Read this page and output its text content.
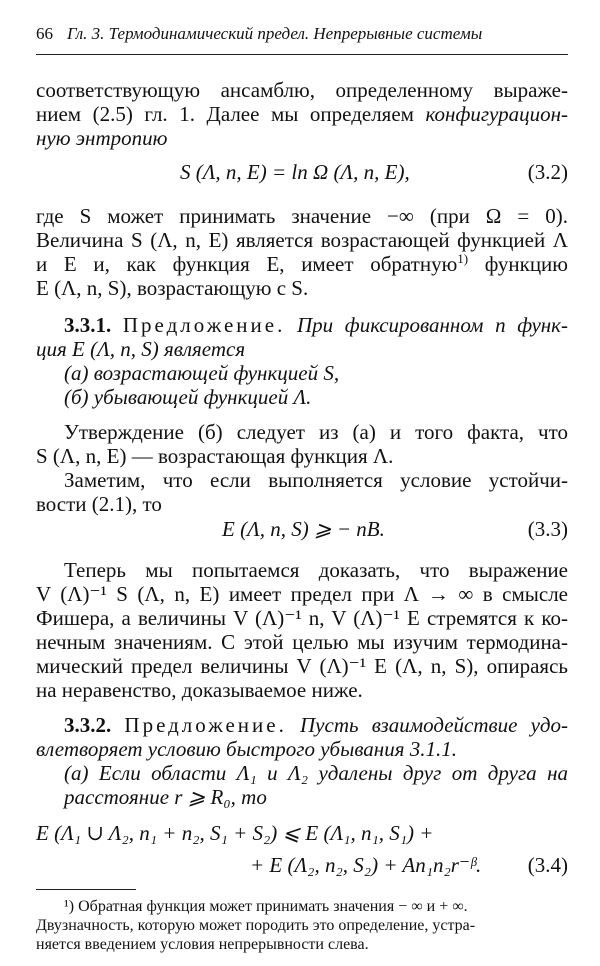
66 Гл. 3. Термодинамический предел. Непрерывные системы
соответствующую ансамблю, определенному выраже-
нием (2.5) гл. 1. Далее мы определяем конфигурацион-
ную энтропию
S (Λ, n, E) = ln Ω (Λ, n, E),	(3.2)
где S может принимать значение −∞ (при Ω = 0).
Величина S (Λ, n, E) является возрастающей функцией Λ
и E и, как функция E, имеет обратную$^{1)}$ функцию
E (Λ, n, S), возрастающую с S.
3.3.1. Предложение. При фиксированном n функ-
ция E (Λ, n, S) является
(a) возрастающей функцией S,
(б) убывающей функцией Λ.
Утверждение (б) следует из (a) и того факта, что
S (Λ, n, E) — возрастающая функция Λ.
Заметим, что если выполняется условие устойчи-
вости (2.1), то
E (Λ, n, S) ⩾ − nB.	(3.3)
Теперь мы попытаемся доказать, что выражение
V (Λ)⁻¹ S (Λ, n, E) имеет предел при Λ → ∞ в смысле
Фишера, а величины V (Λ)⁻¹ n, V (Λ)⁻¹ E стремятся к ко-
нечным значениям. С этой целью мы изучим термодина-
мический предел величины V (Λ)⁻¹ E (Λ, n, S), опираясь
на неравенство, доказываемое ниже.
3.3.2. Предложение. Пусть взаимодействие удо-
влетворяет условию быстрого убывания 3.1.1.
(a) Если области Λ₁ и Λ₂ удалены друг от друга на
расстояние r ⩾ R₀, то
E (Λ₁ ∪ Λ₂, n₁ + n₂, S₁ + S₂) ⩽ E (Λ₁, n₁, S₁) +
+ E (Λ₂, n₂, S₂) + An₁n₂r⁻ᵝ. (3.4)
¹) Обратная функция может принимать значения − ∞ и + ∞.
Двузначность, которую может породить это определение, устра-
няется введением условия непрерывности слева.
